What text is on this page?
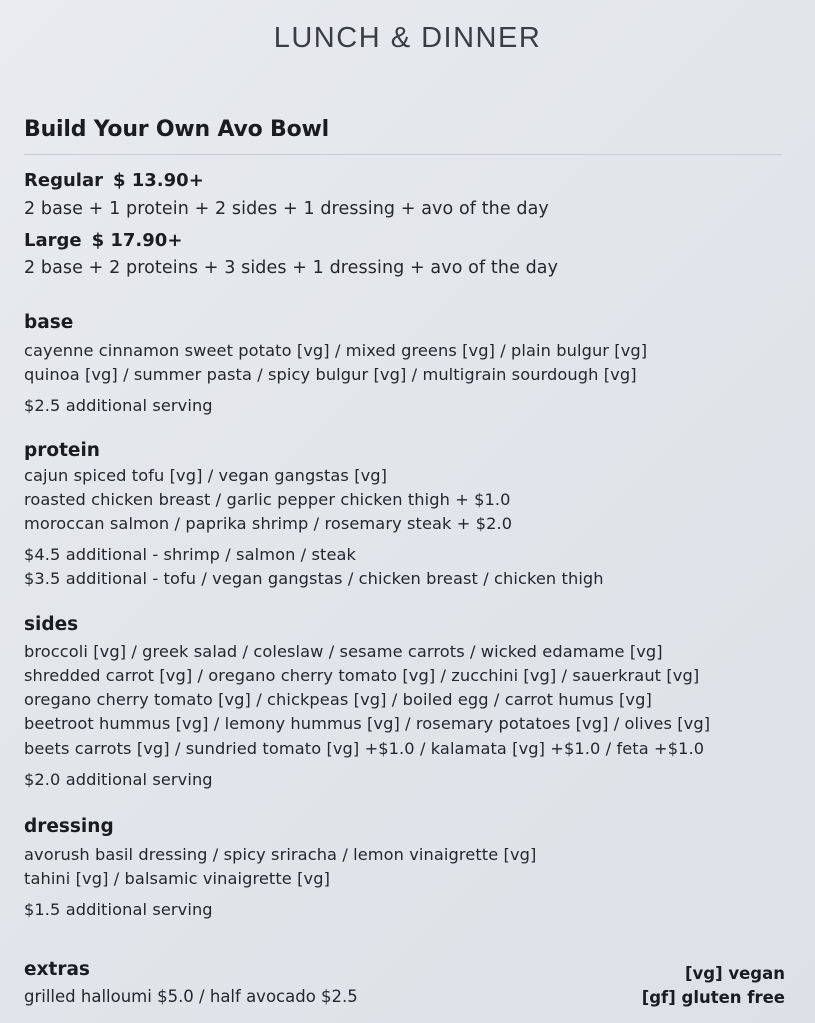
LUNCH & DINNER
Build Your Own Avo Bowl
Regular $ 13.90+
2 base + 1 protein + 2 sides + 1 dressing + avo of the day
Large $ 17.90+
2 base + 2 proteins + 3 sides + 1 dressing + avo of the day
base
cayenne cinnamon sweet potato [vg] / mixed greens [vg] / plain bulgur [vg]
quinoa [vg] / summer pasta / spicy bulgur [vg] / multigrain sourdough [vg]
$2.5 additional serving
protein
cajun spiced tofu [vg] / vegan gangstas [vg]
roasted chicken breast / garlic pepper chicken thigh + $1.0
moroccan salmon / paprika shrimp / rosemary steak + $2.0
$4.5 additional - shrimp / salmon / steak
$3.5 additional - tofu / vegan gangstas / chicken breast / chicken thigh
sides
broccoli [vg] / greek salad / coleslaw / sesame carrots / wicked edamame [vg]
shredded carrot [vg] / oregano cherry tomato [vg] / zucchini [vg] / sauerkraut [vg]
oregano cherry tomato [vg] / chickpeas [vg] / boiled egg / carrot humus [vg]
beetroot hummus [vg] / lemony hummus [vg] / rosemary potatoes [vg] / olives [vg]
beets carrots [vg] / sundried tomato [vg] +$1.0 / kalamata [vg] +$1.0 / feta +$1.0
$2.0 additional serving
dressing
avorush basil dressing / spicy sriracha / lemon vinaigrette [vg]
tahini [vg] / balsamic vinaigrette [vg]
$1.5 additional serving
extras
grilled halloumi $5.0 / half avocado $2.5
[vg] vegan
[gf] gluten free
